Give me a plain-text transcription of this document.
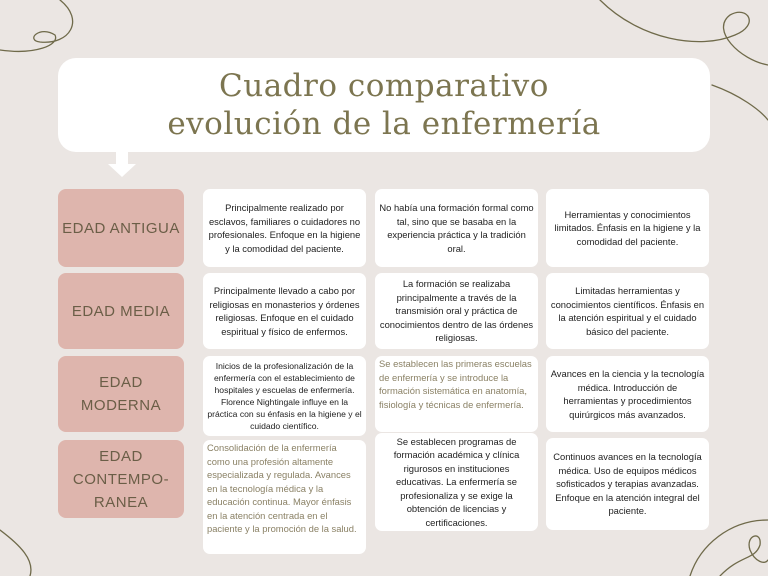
Cuadro comparativo
evolución de la enfermería
EDAD ANTIGUA
Principalmente realizado por esclavos, familiares o cuidadores no profesionales. Enfoque en la higiene y la comodidad del paciente.
No había una formación formal como tal, sino que se basaba en la experiencia práctica y la tradición oral.
Herramientas y conocimientos limitados. Énfasis en la higiene y la comodidad del paciente.
EDAD MEDIA
Principalmente llevado a cabo por religiosas en monasterios y órdenes religiosas. Enfoque en el cuidado espiritual y físico de enfermos.
La formación se realizaba principalmente a través de la transmisión oral y práctica de conocimientos dentro de las órdenes religiosas.
Limitadas herramientas y conocimientos científicos. Énfasis en la atención espiritual y el cuidado básico del paciente.
EDAD
MODERNA
Inicios de la profesionalización de la enfermería con el establecimiento de hospitales y escuelas de enfermería. Florence Nightingale influye en la práctica con su énfasis en la higiene y el cuidado científico.
Se establecen las primeras escuelas de enfermería y se introduce la formación sistemática en anatomía, fisiología y técnicas de enfermería.
Avances en la ciencia y la tecnología médica. Introducción de herramientas y procedimientos quirúrgicos más avanzados.
EDAD
CONTEMPO-
RANEA
Consolidación de la enfermería como una profesión altamente especializada y regulada. Avances en la tecnología médica y la educación continua. Mayor énfasis en la atención centrada en el paciente y la promoción de la salud.
Se establecen programas de formación académica y clínica rigurosos en instituciones educativas. La enfermería se profesionaliza y se exige la obtención de licencias y certificaciones.
Continuos avances en la tecnología médica. Uso de equipos médicos sofisticados y terapias avanzadas. Enfoque en la atención integral del paciente.
